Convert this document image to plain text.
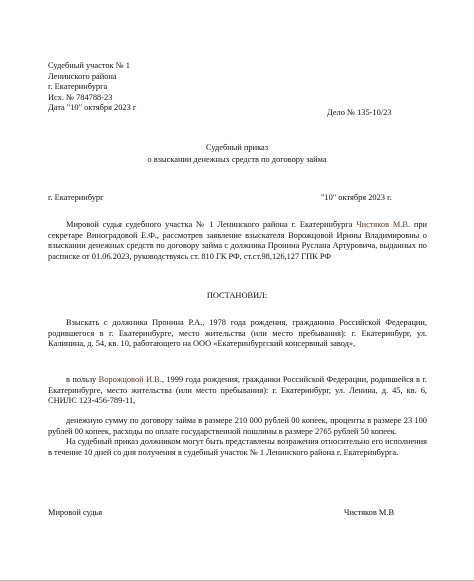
Судебный участок № 1
Ленинского района
г. Екатеринбурга
Исх. № 784788-23
Дата "10" октября 2023 г
Дело № 135-10/23
Судебный приказ
о взыскании денежных средств по договору займа
г. Екатеринбург	"10" октября 2023 г.
Мировой судья судебного участка № 1 Ленинского района г. Екатеринбурга Чистяков М.В. при секретаре Виноградовой Е.Ф., рассмотрев заявление взыскателя Ворожцовой Ирины Владимировны о взыскании денежных средств по договору займа с должника Пронина Руслана Артуровича, выданных по расписке от 01.06.2023, руководствуясь ст. 810 ГК РФ, ст.ст.98,126,127 ГПК РФ
ПОСТАНОВИЛ:
Взыскать с должника Пронина Р.А., 1978 года рождения, гражданина Российской Федерации, родившегося в г. Екатеринбурге, место жительства (или место пребывания): г. Екатеринбург, ул. Калинина, д. 54, кв. 10, работающего на ООО «Екатеринбургский консервный завод»,
в пользу Ворожцовой И.В., 1999 года рождения, гражданки Российской Федерации, родившейся в г. Екатеринбурге, место жительства (или место пребывания): г. Екатеринбург, ул. Ленина, д. 45, кв. 6, СНИЛС 123-456-789-11,
денежную сумму по договору займа в размере 210 000 рублей 00 копеек, проценты в размере 23 100 рублей 00 копеек, расходы по оплате государственной пошлины в размере 2765 рублей 50 копеек.
На судебный приказ должником могут быть представлены возражения относительно его исполнения в течение 10 дней со дня получения в судебный участок № 1 Ленинского района г. Екатеринбурга.
Мировой судья	Чистяков М.В
